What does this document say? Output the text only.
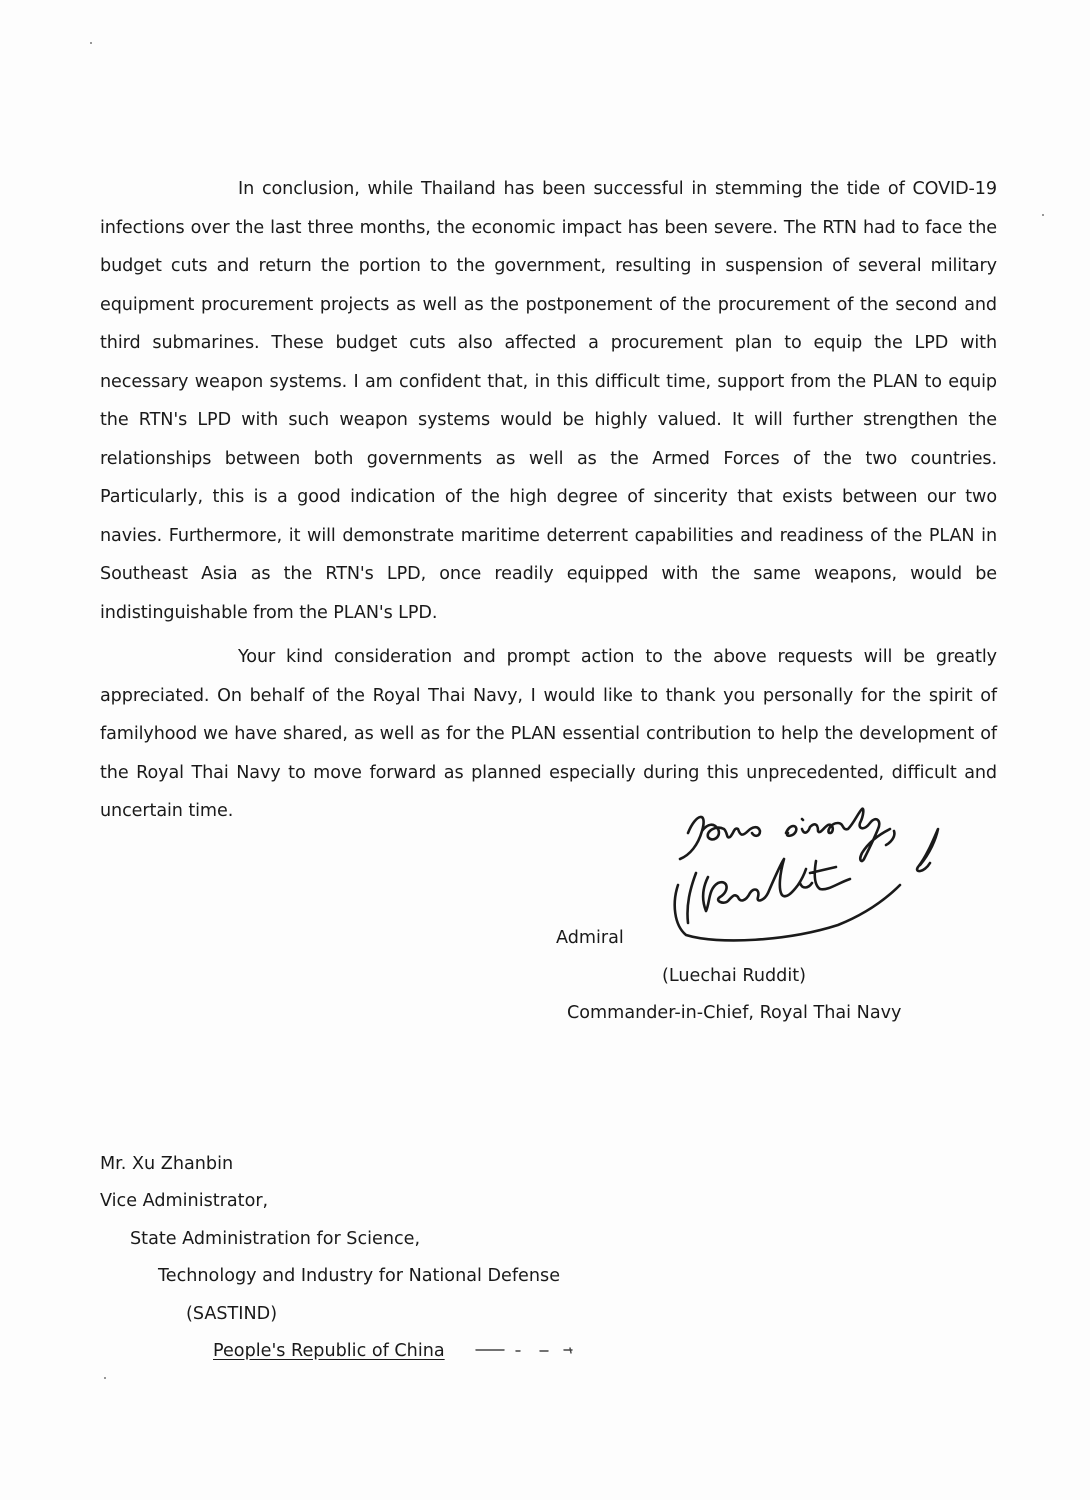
In conclusion, while Thailand has been successful in stemming the tide of COVID-19 infections over the last three months, the economic impact has been severe. The RTN had to face the budget cuts and return the portion to the government, resulting in suspension of several military equipment procurement projects as well as the postponement of the procurement of the second and third submarines. These budget cuts also affected a procurement plan to equip the LPD with necessary weapon systems. I am confident that, in this difficult time, support from the PLAN to equip the RTN's LPD with such weapon systems would be highly valued. It will further strengthen the relationships between both governments as well as the Armed Forces of the two countries. Particularly, this is a good indication of the high degree of sincerity that exists between our two navies. Furthermore, it will demonstrate maritime deterrent capabilities and readiness of the PLAN in Southeast Asia as the RTN's LPD, once readily equipped with the same weapons, would be indistinguishable from the PLAN's LPD.

Your kind consideration and prompt action to the above requests will be greatly appreciated. On behalf of the Royal Thai Navy, I would like to thank you personally for the spirit of familyhood we have shared, as well as for the PLAN essential contribution to help the development of the Royal Thai Navy to move forward as planned especially during this unprecedented, difficult and uncertain time.

Admiral
(Luechai Ruddit)
Commander-in-Chief, Royal Thai Navy
Mr. Xu Zhanbin
Vice Administrator,
State Administration for Science,
Technology and Industry for National Defense
(SASTIND)
People's Republic of China
